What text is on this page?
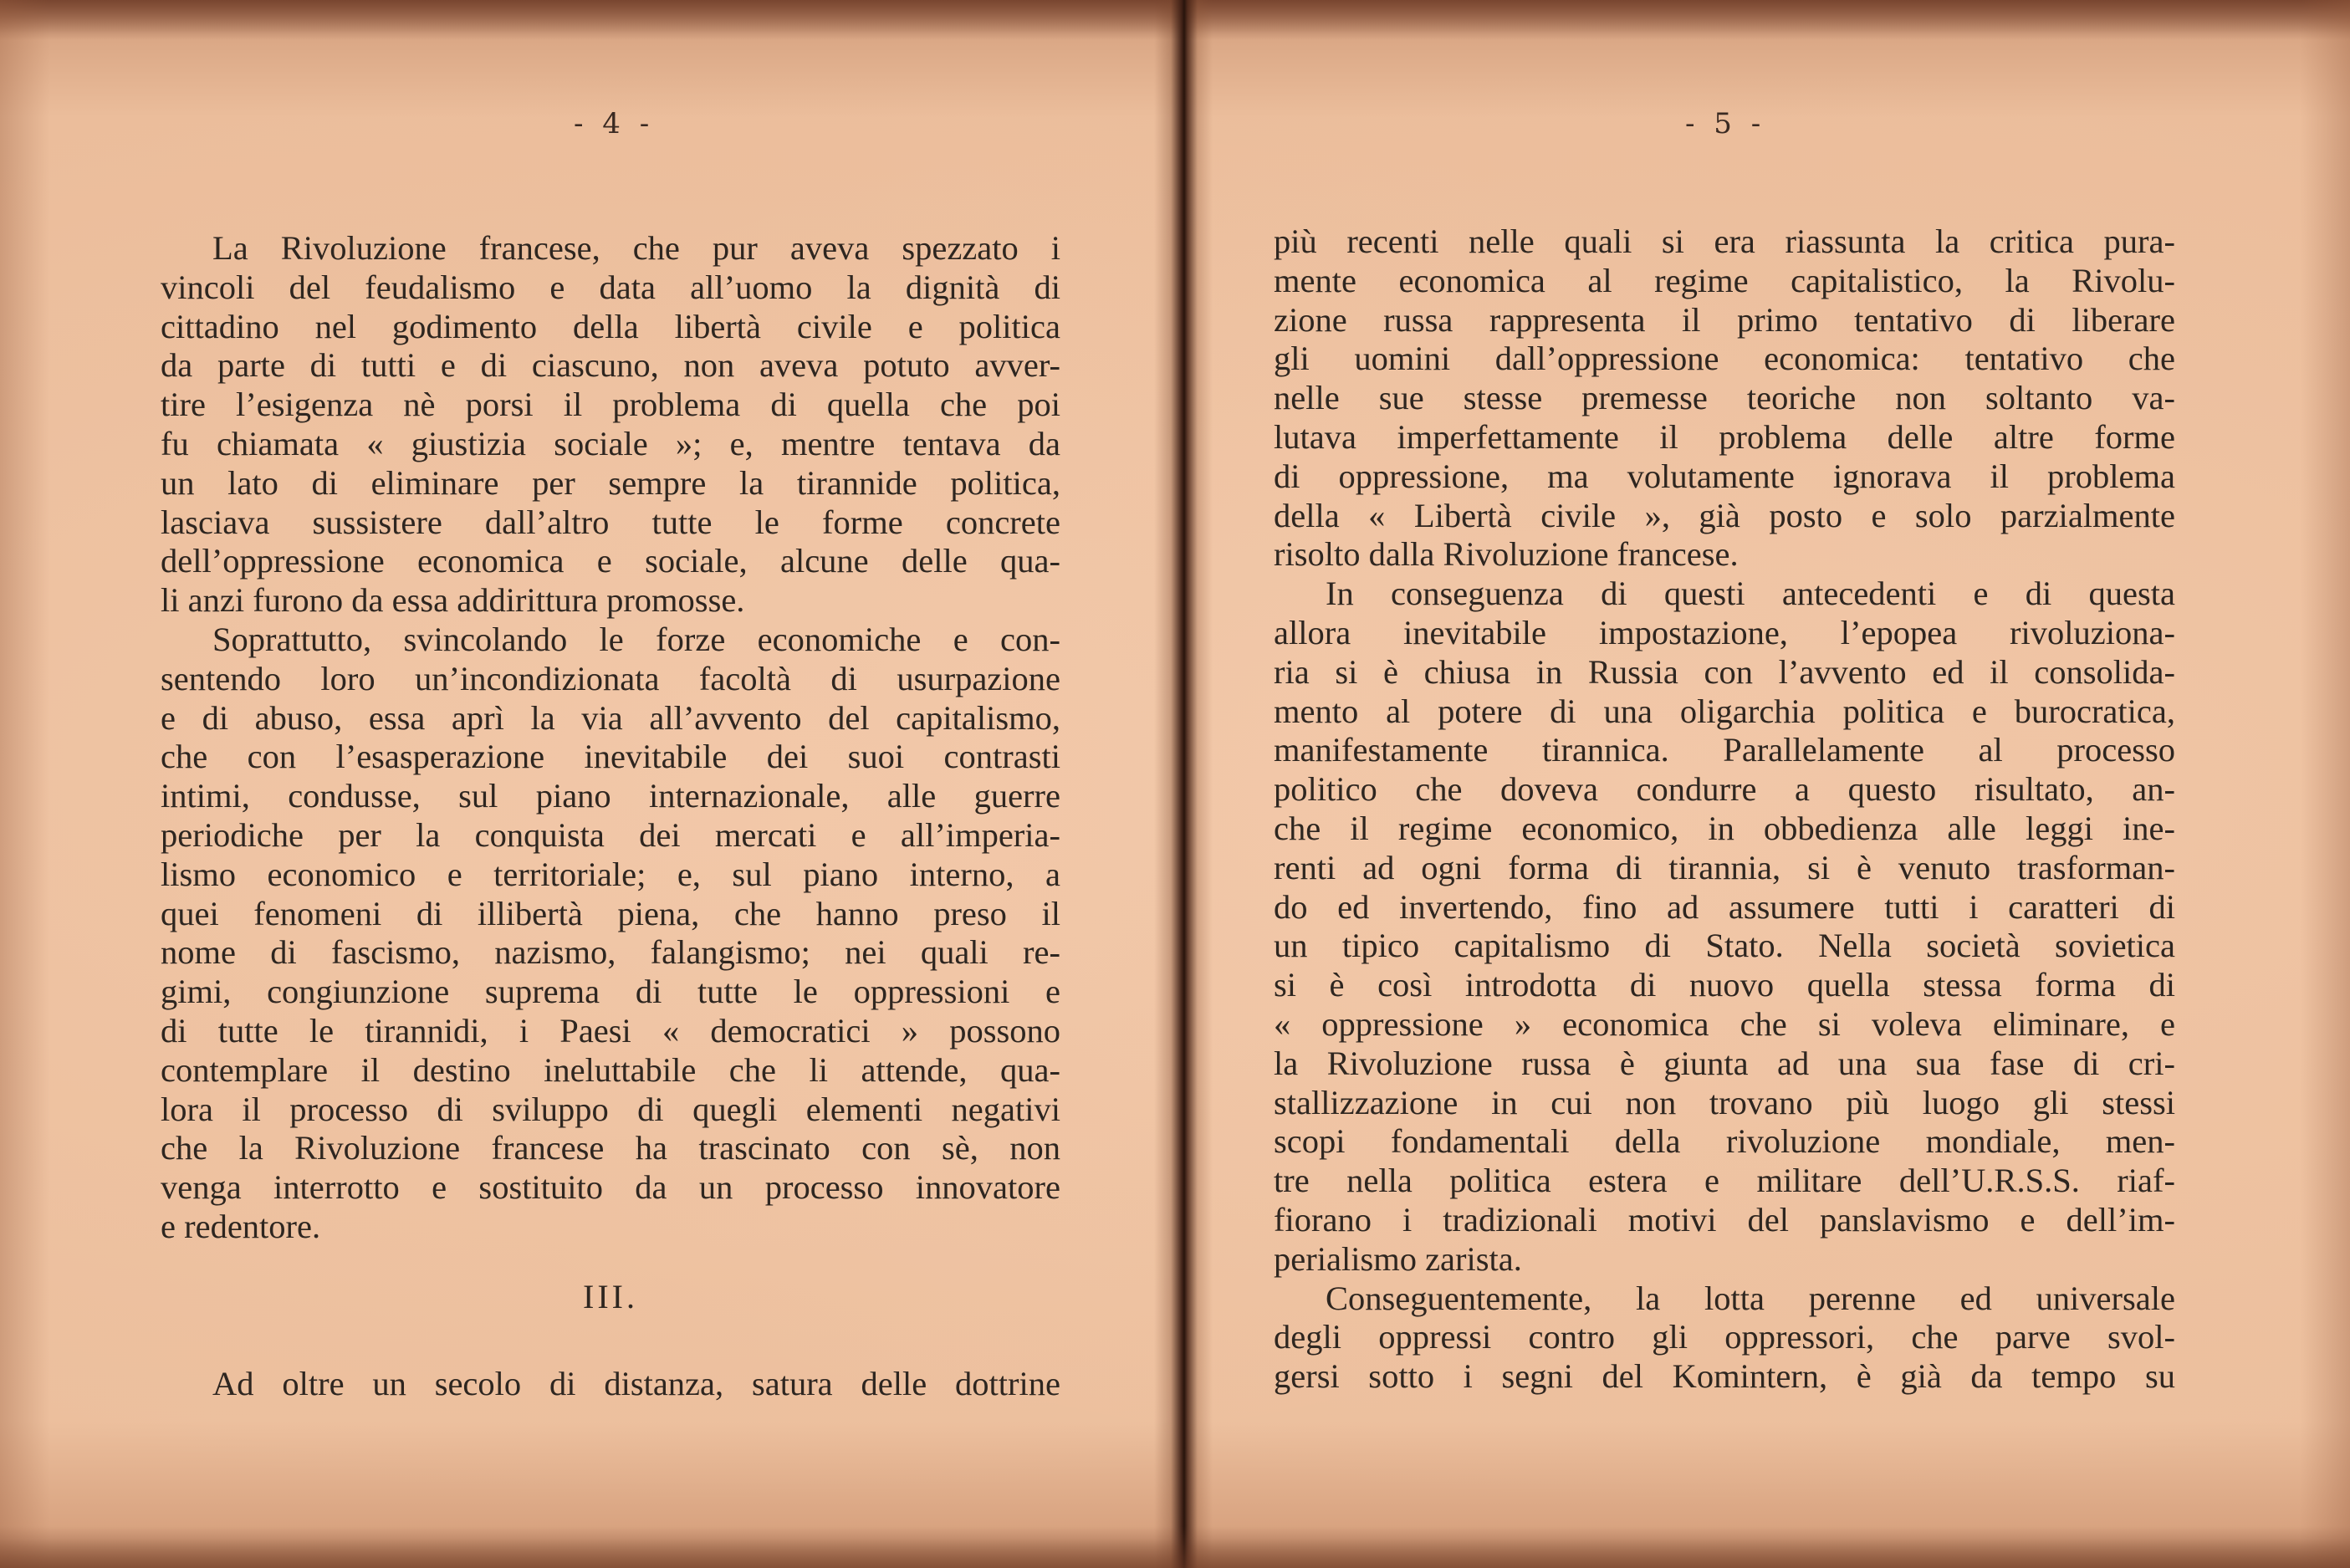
- 4 -
La Rivoluzione francese, che pur aveva spezzato i
vincoli del feudalismo e data all’uomo la dignità di
cittadino nel godimento della libertà civile e politica
da parte di tutti e di ciascuno, non aveva potuto avver-
tire l’esigenza nè porsi il problema di quella che poi
fu chiamata « giustizia sociale »; e, mentre tentava da
un lato di eliminare per sempre la tirannide politica,
lasciava sussistere dall’altro tutte le forme concrete
dell’oppressione economica e sociale, alcune delle qua-
li anzi furono da essa addirittura promosse.
Soprattutto, svincolando le forze economiche e con-
sentendo loro un’incondizionata facoltà di usurpazione
e di abuso, essa aprì la via all’avvento del capitalismo,
che con l’esasperazione inevitabile dei suoi contrasti
intimi, condusse, sul piano internazionale, alle guerre
periodiche per la conquista dei mercati e all’imperia-
lismo economico e territoriale; e, sul piano interno, a
quei fenomeni di illibertà piena, che hanno preso il
nome di fascismo, nazismo, falangismo; nei quali re-
gimi, congiunzione suprema di tutte le oppressioni e
di tutte le tirannidi, i Paesi « democratici » possono
contemplare il destino ineluttabile che li attende, qua-
lora il processo di sviluppo di quegli elementi negativi
che la Rivoluzione francese ha trascinato con sè, non
venga interrotto e sostituito da un processo innovatore
e redentore.
III.
Ad oltre un secolo di distanza, satura delle dottrine
- 5 -
più recenti nelle quali si era riassunta la critica pura-
mente economica al regime capitalistico, la Rivolu-
zione russa rappresenta il primo tentativo di liberare
gli uomini dall’oppressione economica: tentativo che
nelle sue stesse premesse teoriche non soltanto va-
lutava imperfettamente il problema delle altre forme
di oppressione, ma volutamente ignorava il problema
della « Libertà civile », già posto e solo parzialmente
risolto dalla Rivoluzione francese.
In conseguenza di questi antecedenti e di questa
allora inevitabile impostazione, l’epopea rivoluziona-
ria si è chiusa in Russia con l’avvento ed il consolida-
mento al potere di una oligarchia politica e burocratica,
manifestamente tirannica. Parallelamente al processo
politico che doveva condurre a questo risultato, an-
che il regime economico, in obbedienza alle leggi ine-
renti ad ogni forma di tirannia, si è venuto trasforman-
do ed invertendo, fino ad assumere tutti i caratteri di
un tipico capitalismo di Stato. Nella società sovietica
si è così introdotta di nuovo quella stessa forma di
« oppressione » economica che si voleva eliminare, e
la Rivoluzione russa è giunta ad una sua fase di cri-
stallizzazione in cui non trovano più luogo gli stessi
scopi fondamentali della rivoluzione mondiale, men-
tre nella politica estera e militare dell’U.R.S.S. riaf-
fiorano i tradizionali motivi del panslavismo e dell’im-
perialismo zarista.
Conseguentemente, la lotta perenne ed universale
degli oppressi contro gli oppressori, che parve svol-
gersi sotto i segni del Komintern, è già da tempo su
